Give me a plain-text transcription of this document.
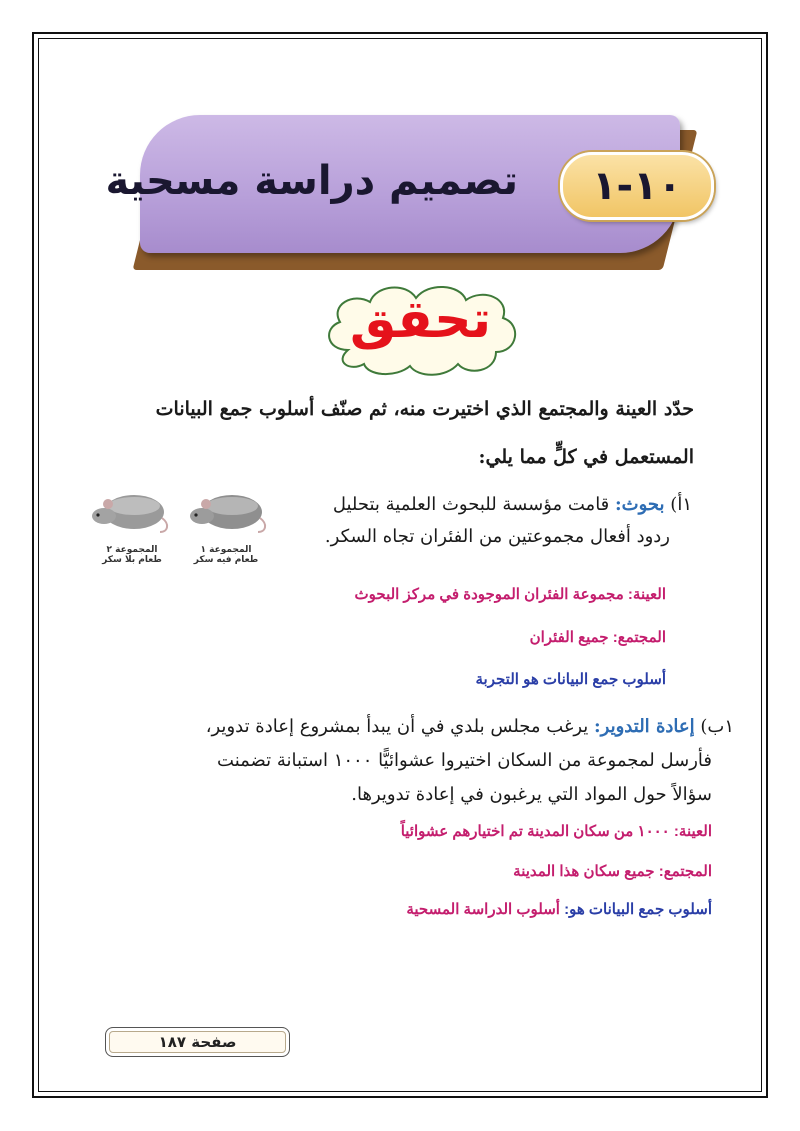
تصميم دراسة مسحية	١٠-١
تحقق
حدّد العينة والمجتمع الذي اختيرت منه، ثم صنّف أسلوب جمع البيانات
المستعمل في كلٍّ مما يلي:
١أ) بحوث: قامت مؤسسة للبحوث العلمية بتحليل
ردود أفعال مجموعتين من الفئران تجاه السكر.
المجموعة ٢
طعام بلا سكر
المجموعة ١
طعام فيه سكر
العينة: مجموعة الفئران الموجودة في مركز البحوث
المجتمع: جميع الفئران
أسلوب جمع البيانات هو التجربة
١ب) إعادة التدوير: يرغب مجلس بلدي في أن يبدأ بمشروع إعادة تدوير،
فأرسل لمجموعة من السكان اختيروا عشوائيًّا ١٠٠٠ استبانة تضمنت
سؤالاً حول المواد التي يرغبون في إعادة تدويرها.
العينة: ١٠٠٠ من سكان المدينة تم اختيارهم عشوائياً
المجتمع: جميع سكان هذا المدينة
أسلوب جمع البيانات هو: أسلوب الدراسة المسحية
صفحة ١٨٧
